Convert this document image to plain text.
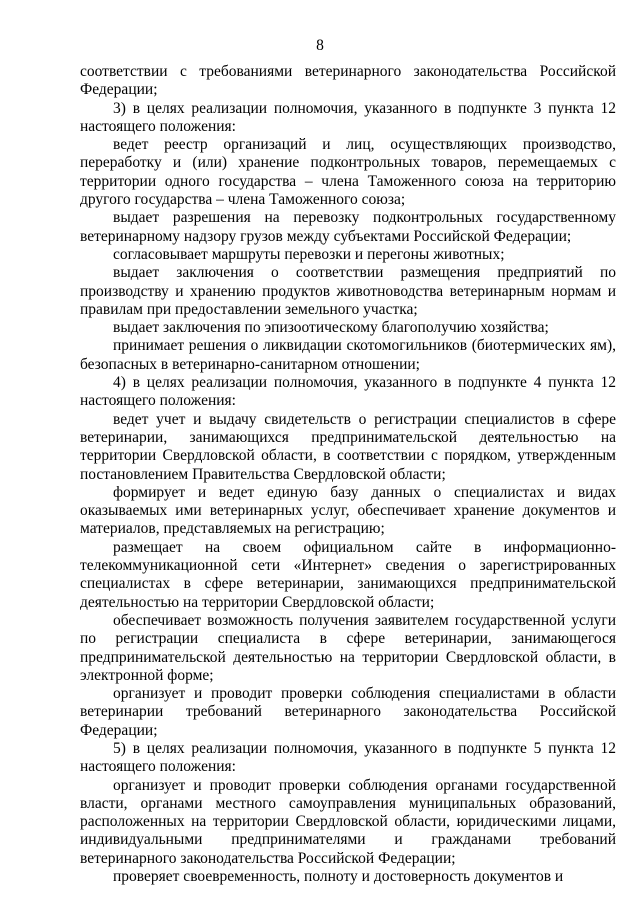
8

соответствии с требованиями ветеринарного законодательства Российской Федерации;

3) в целях реализации полномочия, указанного в подпункте 3 пункта 12 настоящего положения:

ведет реестр организаций и лиц, осуществляющих производство, переработку и (или) хранение подконтрольных товаров, перемещаемых с территории одного государства – члена Таможенного союза на территорию другого государства – члена Таможенного союза;

выдает разрешения на перевозку подконтрольных государственному ветеринарному надзору грузов между субъектами Российской Федерации;

согласовывает маршруты перевозки и перегоны животных;

выдает заключения о соответствии размещения предприятий по производству и хранению продуктов животноводства ветеринарным нормам и правилам при предоставлении земельного участка;

выдает заключения по эпизоотическому благополучию хозяйства;

принимает решения о ликвидации скотомогильников (биотермических ям), безопасных в ветеринарно-санитарном отношении;

4) в целях реализации полномочия, указанного в подпункте 4 пункта 12 настоящего положения:

ведет учет и выдачу свидетельств о регистрации специалистов в сфере ветеринарии, занимающихся предпринимательской деятельностью на территории Свердловской области, в соответствии с порядком, утвержденным постановлением Правительства Свердловской области;

формирует и ведет единую базу данных о специалистах и видах оказываемых ими ветеринарных услуг, обеспечивает хранение документов и материалов, представляемых на регистрацию;

размещает на своем официальном сайте в информационно-телекоммуникационной сети «Интернет» сведения о зарегистрированных специалистах в сфере ветеринарии, занимающихся предпринимательской деятельностью на территории Свердловской области;

обеспечивает возможность получения заявителем государственной услуги по регистрации специалиста в сфере ветеринарии, занимающегося предпринимательской деятельностью на территории Свердловской области, в электронной форме;

организует и проводит проверки соблюдения специалистами в области ветеринарии требований ветеринарного законодательства Российской Федерации;

5) в целях реализации полномочия, указанного в подпункте 5 пункта 12 настоящего положения:

организует и проводит проверки соблюдения органами государственной власти, органами местного самоуправления муниципальных образований, расположенных на территории Свердловской области, юридическими лицами, индивидуальными предпринимателями и гражданами требований ветеринарного законодательства Российской Федерации;

проверяет своевременность, полноту и достоверность документов и
